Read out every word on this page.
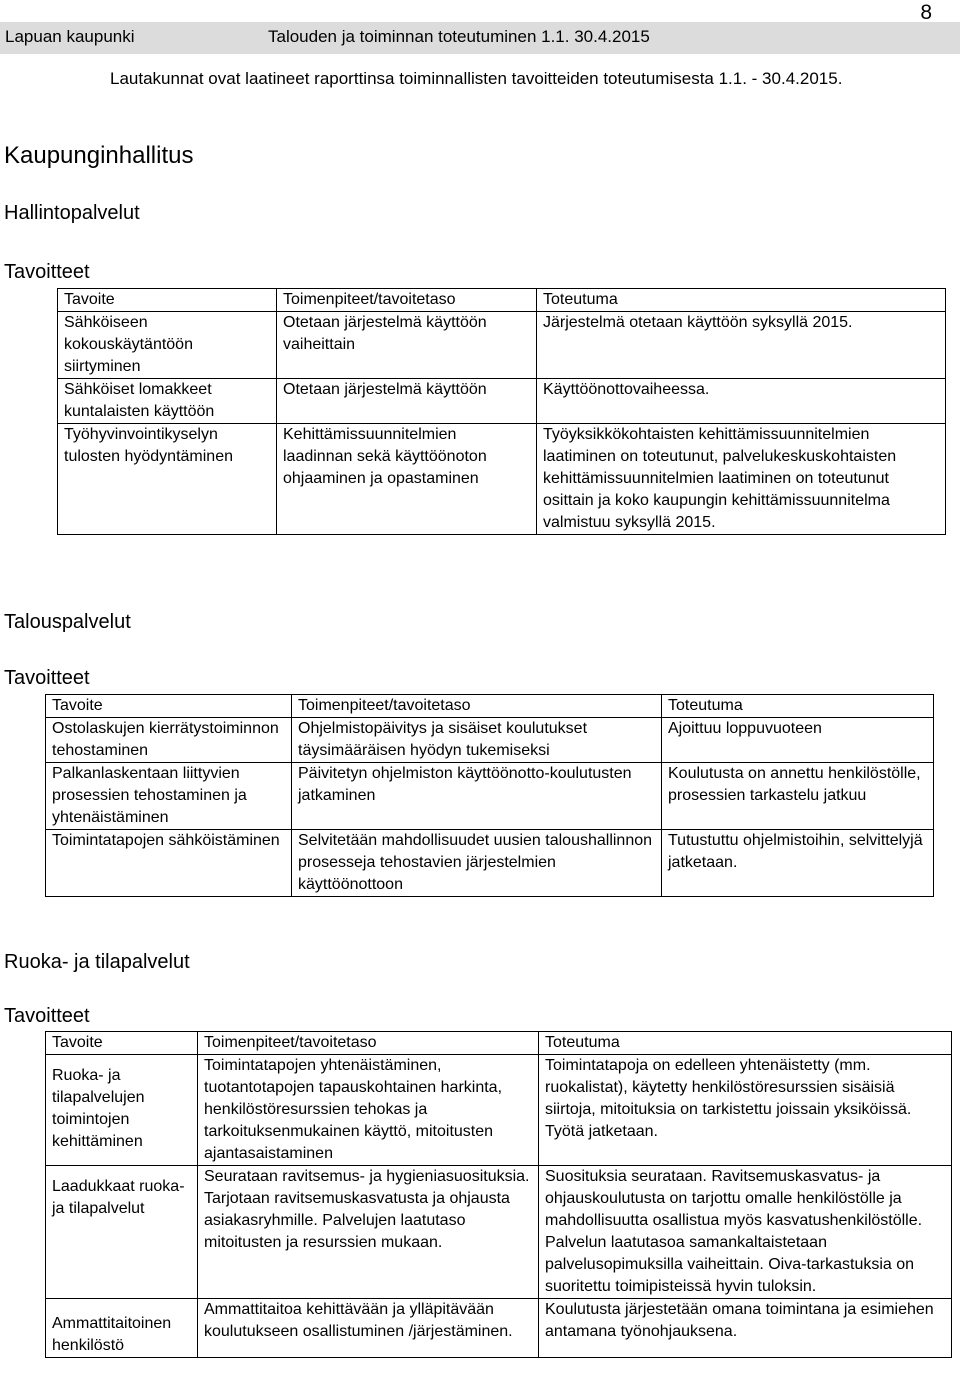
Lapuan kaupunki	Talouden ja toiminnan toteutuminen 1.1. 30.4.2015
8
Lautakunnat ovat laatineet raporttinsa toiminnallisten tavoitteiden toteutumisesta 1.1. - 30.4.2015.
Kaupunginhallitus
Hallintopalvelut
Tavoitteet
Tavoite	Toimenpiteet/tavoitetaso	Toteutuma
Sähköiseen kokouskäytäntöön siirtyminen	Otetaan järjestelmä käyttöön vaiheittain	Järjestelmä otetaan käyttöön syksyllä 2015.
Sähköiset lomakkeet kuntalaisten käyttöön	Otetaan järjestelmä käyttöön	Käyttöönottovaiheessa.
Työhyvinvointikyselyn tulosten hyödyntäminen	Kehittämissuunnitelmien laadinnan sekä käyttöönoton ohjaaminen ja opastaminen	Työyksikkökohtaisten kehittämissuunnitelmien laatiminen on toteutunut, palvelukeskuskohtaisten kehittämissuunnitelmien laatiminen on toteutunut osittain ja koko kaupungin kehittämissuunnitelma valmistuu syksyllä 2015.
Talouspalvelut
Tavoitteet
Tavoite	Toimenpiteet/tavoitetaso	Toteutuma
Ostolaskujen kierrätystoiminnon tehostaminen	Ohjelmistopäivitys ja sisäiset koulutukset täysimääräisen hyödyn tukemiseksi	Ajoittuu loppuvuoteen
Palkanlaskentaan liittyvien prosessien tehostaminen ja yhtenäistäminen	Päivitetyn ohjelmiston käyttöönotto-koulutusten jatkaminen	Koulutusta on annettu henkilöstölle, prosessien tarkastelu jatkuu
Toimintatapojen sähköistäminen	Selvitetään mahdollisuudet uusien taloushallinnon prosesseja tehostavien järjestelmien käyttöönottoon	Tutustuttu ohjelmistoihin, selvittelyjä jatketaan.
Ruoka- ja tilapalvelut
Tavoitteet
Tavoite	Toimenpiteet/tavoitetaso	Toteutuma
Ruoka- ja tilapalvelujen toimintojen kehittäminen	Toimintatapojen yhtenäistäminen, tuotantotapojen tapauskohtainen harkinta, henkilöstöresurssien tehokas ja tarkoituksenmukainen käyttö, mitoitusten ajantasaistaminen	Toimintatapoja on edelleen yhtenäistetty (mm. ruokalistat), käytetty henkilöstöresurssien sisäisiä siirtoja, mitoituksia on tarkistettu joissain yksiköissä. Työtä jatketaan.
Laadukkaat ruoka- ja tilapalvelut	Seurataan ravitsemus- ja hygieniasuosituksia. Tarjotaan ravitsemuskasvatusta ja ohjausta asiakasryhmille. Palvelujen laatutaso mitoitusten ja resurssien mukaan.	Suosituksia seurataan. Ravitsemuskasvatus- ja ohjauskoulutusta on tarjottu omalle henkilöstölle ja mahdollisuutta osallistua myös kasvatushenkilöstölle. Palvelun laatutasoa samankaltaistetaan palvelusopimuksilla vaiheittain. Oiva-tarkastuksia on suoritettu toimipisteissä hyvin tuloksin.
Ammattitaitoinen henkilöstö	Ammattitaitoa kehittävään ja ylläpitävään koulutukseen osallistuminen /järjestäminen.	Koulutusta järjestetään omana toimintana ja esimiehen antamana työnohjauksena.
